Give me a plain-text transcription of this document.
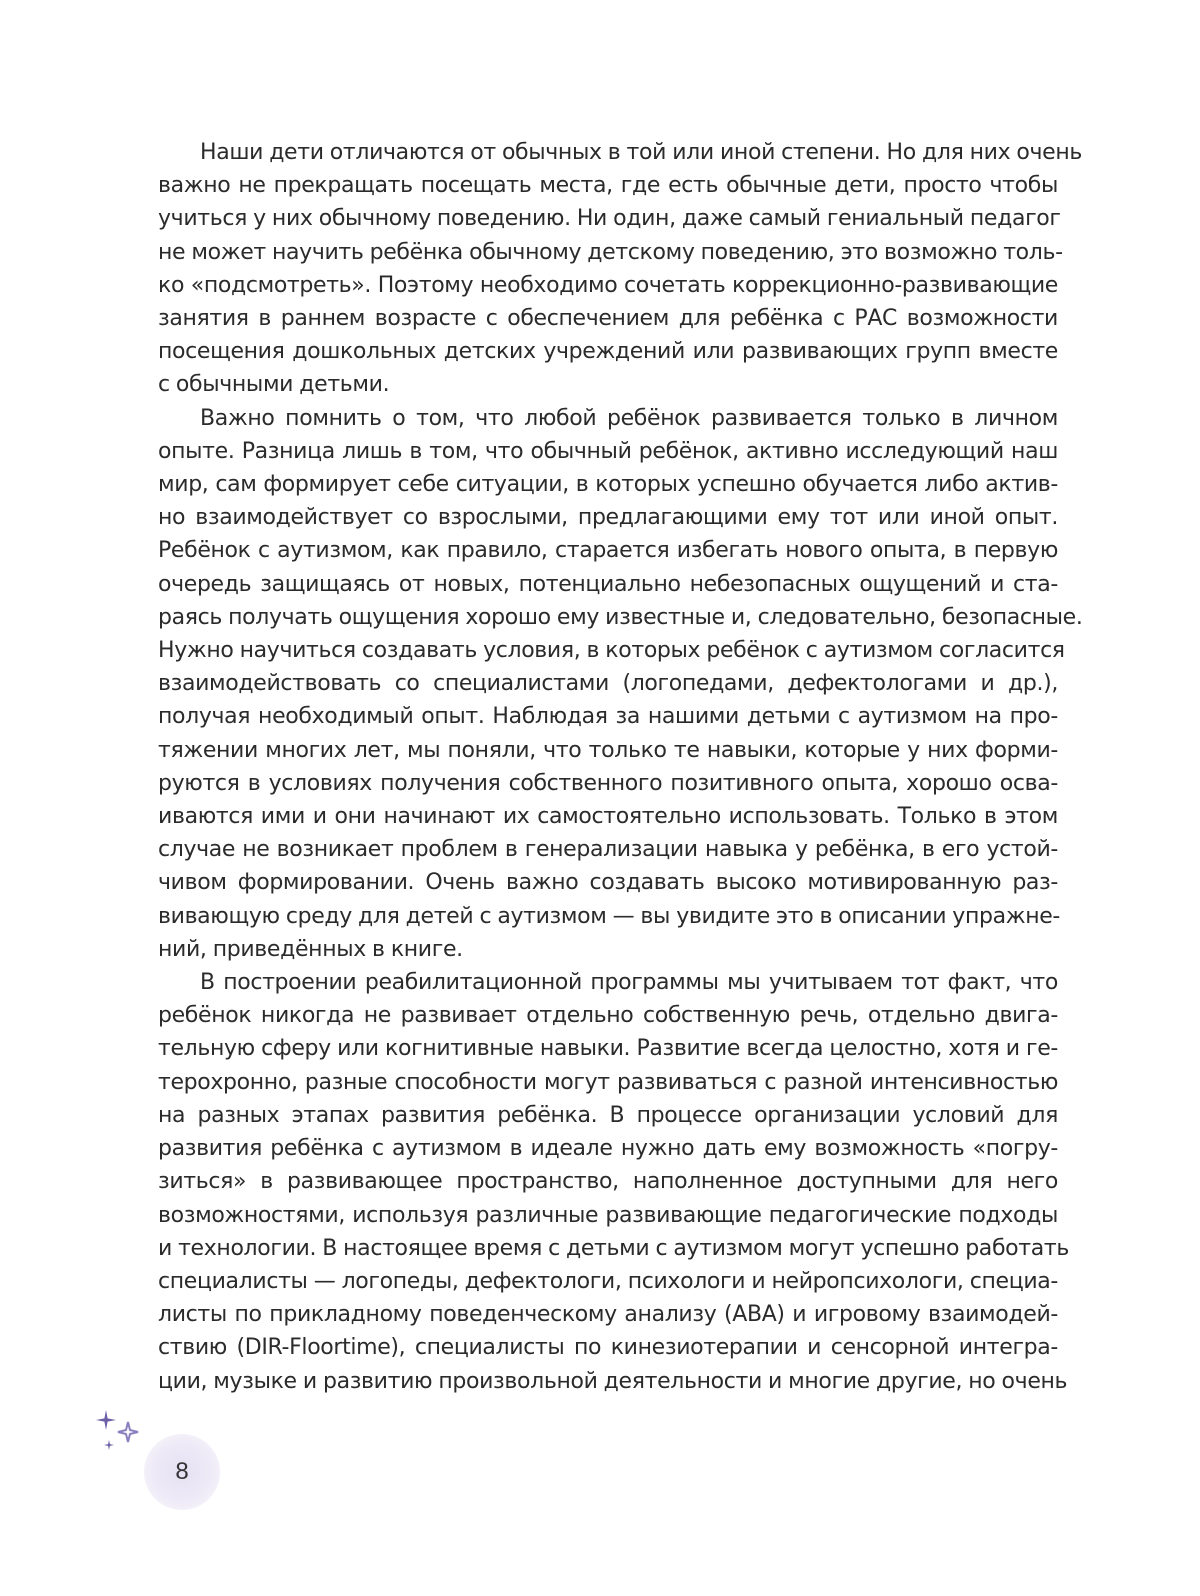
Наши дети отличаются от обычных в той или иной степени. Но для них очень
важно не прекращать посещать места, где есть обычные дети, просто чтобы
учиться у них обычному поведению. Ни один, даже самый гениальный педагог
не может научить ребёнка обычному детскому поведению, это возможно толь-
ко «подсмотреть». Поэтому необходимо сочетать коррекционно-развивающие
занятия в раннем возрасте с обеспечением для ребёнка с РАС возможности
посещения дошкольных детских учреждений или развивающих групп вместе
с обычными детьми.
Важно помнить о том, что любой ребёнок развивается только в личном
опыте. Разница лишь в том, что обычный ребёнок, активно исследующий наш
мир, сам формирует себе ситуации, в которых успешно обучается либо актив-
но взаимодействует со взрослыми, предлагающими ему тот или иной опыт.
Ребёнок с аутизмом, как правило, старается избегать нового опыта, в первую
очередь защищаясь от новых, потенциально небезопасных ощущений и ста-
раясь получать ощущения хорошо ему известные и, следовательно, безопасные.
Нужно научиться создавать условия, в которых ребёнок с аутизмом согласится
взаимодействовать со специалистами (логопедами, дефектологами и др.),
получая необходимый опыт. Наблюдая за нашими детьми с аутизмом на про-
тяжении многих лет, мы поняли, что только те навыки, которые у них форми-
руются в условиях получения собственного позитивного опыта, хорошо осва-
иваются ими и они начинают их самостоятельно использовать. Только в этом
случае не возникает проблем в генерализации навыка у ребёнка, в его устой-
чивом формировании. Очень важно создавать высоко мотивированную раз-
вивающую среду для детей с аутизмом — вы увидите это в описании упражне-
ний, приведённых в книге.
В построении реабилитационной программы мы учитываем тот факт, что
ребёнок никогда не развивает отдельно собственную речь, отдельно двига-
тельную сферу или когнитивные навыки. Развитие всегда целостно, хотя и ге-
терохронно, разные способности могут развиваться с разной интенсивностью
на разных этапах развития ребёнка. В процессе организации условий для
развития ребёнка с аутизмом в идеале нужно дать ему возможность «погру-
зиться» в развивающее пространство, наполненное доступными для него
возможностями, используя различные развивающие педагогические подходы
и технологии. В настоящее время с детьми с аутизмом могут успешно работать
специалисты — логопеды, дефектологи, психологи и нейропсихологи, специа-
листы по прикладному поведенческому анализу (АВА) и игровому взаимодей-
ствию (DIR-Floortime), специалисты по кинезиотерапии и сенсорной интегра-
ции, музыке и развитию произвольной деятельности и многие другие, но очень
8
